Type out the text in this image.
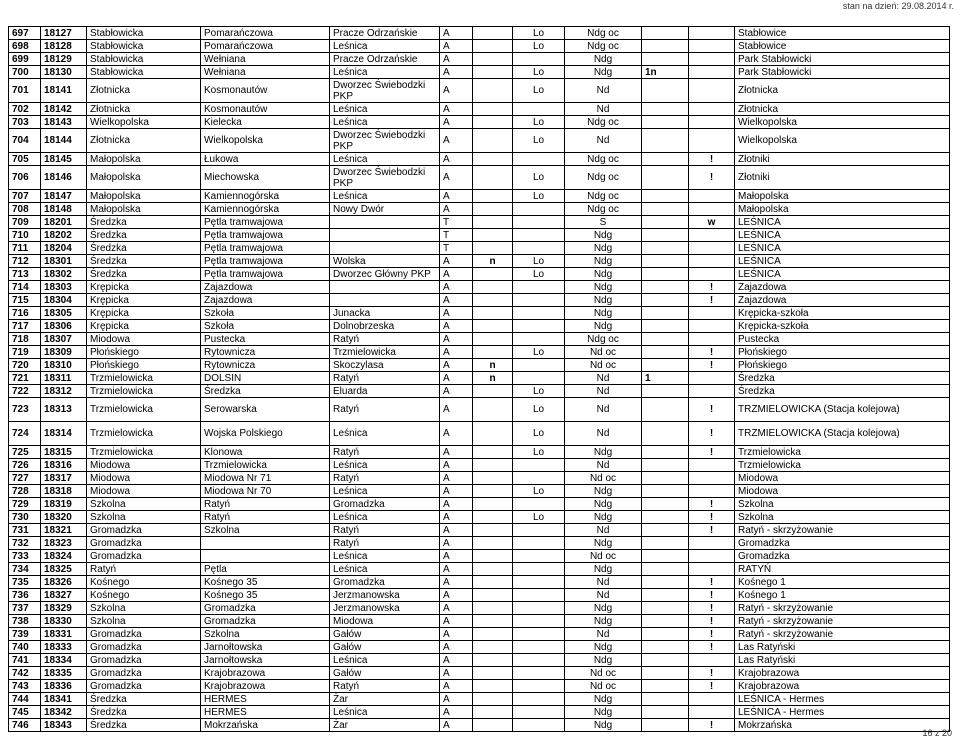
stan na dzień: 29.08.2014 r.
697	18127	Stabłowicka	Pomarańczowa	Pracze Odrzańskie	A		Lo	Ndg oc			Stabłowice
698	18128	Stabłowicka	Pomarańczowa	Leśnica	A		Lo	Ndg oc			Stabłowice
699	18129	Stabłowicka	Wełniana	Pracze Odrzańskie	A			Ndg			Park Stabłowicki
700	18130	Stabłowicka	Wełniana	Leśnica	A		Lo	Ndg	1n		Park Stabłowicki
701	18141	Złotnicka	Kosmonautów	Dworzec Świebodzki PKP	A		Lo	Nd			Złotnicka
702	18142	Złotnicka	Kosmonautów	Leśnica	A			Nd			Złotnicka
703	18143	Wielkopolska	Kielecka	Leśnica	A		Lo	Ndg oc			Wielkopolska
704	18144	Złotnicka	Wielkopolska	Dworzec Świebodzki PKP	A		Lo	Nd			Wielkopolska
705	18145	Małopolska	Łukowa	Leśnica	A			Ndg oc		!	Złotniki
706	18146	Małopolska	Miechowska	Dworzec Świebodzki PKP	A		Lo	Ndg oc		!	Złotniki
707	18147	Małopolska	Kamiennogórska	Leśnica	A		Lo	Ndg oc			Małopolska
708	18148	Małopolska	Kamiennogórska	Nowy Dwór	A			Ndg oc			Małopolska
709	18201	Średzka	Pętla tramwajowa		T			S		w	LEŚNICA
710	18202	Średzka	Pętla tramwajowa		T			Ndg			LEŚNICA
711	18204	Średzka	Pętla tramwajowa		T			Ndg			LEŚNICA
712	18301	Średzka	Pętla tramwajowa	Wolska	A	n	Lo	Ndg			LEŚNICA
713	18302	Średzka	Pętla tramwajowa	Dworzec Główny PKP	A		Lo	Ndg			LEŚNICA
714	18303	Krępicka	Zajazdowa		A			Ndg		!	Zajazdowa
715	18304	Krępicka	Zajazdowa		A			Ndg		!	Zajazdowa
716	18305	Krępicka	Szkoła	Junacka	A			Ndg			Krępicka-szkoła
717	18306	Krępicka	Szkoła	Dolnobrzeska	A			Ndg			Krępicka-szkoła
718	18307	Miodowa	Pustecka	Ratyń	A			Ndg oc			Pustecka
719	18309	Płońskiego	Rytownicza	Trzmielowicka	A		Lo	Nd oc		!	Płońskiego
720	18310	Płońskiego	Rytownicza	Skoczylasa	A	n		Nd oc		!	Płońskiego
721	18311	Trzmielowicka	DOLSIN	Ratyń	A	n		Nd	1		Średzka
722	18312	Trzmielowicka	Średzka	Eluarda	A		Lo	Nd			Średzka
723	18313	Trzmielowicka	Serowarska	Ratyń	A		Lo	Nd		!	TRZMIELOWICKA (Stacja kolejowa)
724	18314	Trzmielowicka	Wojska Polskiego	Leśnica	A		Lo	Nd		!	TRZMIELOWICKA (Stacja kolejowa)
725	18315	Trzmielowicka	Klonowa	Ratyń	A		Lo	Ndg		!	Trzmielowicka
726	18316	Miodowa	Trzmielowicka	Leśnica	A			Nd			Trzmielowicka
727	18317	Miodowa	Miodowa Nr 71	Ratyń	A			Nd oc			Miodowa
728	18318	Miodowa	Miodowa Nr 70	Leśnica	A		Lo	Ndg			Miodowa
729	18319	Szkolna	Ratyń	Gromadzka	A			Ndg		!	Szkolna
730	18320	Szkolna	Ratyń	Leśnica	A		Lo	Ndg		!	Szkolna
731	18321	Gromadzka	Szkolna	Ratyń	A			Nd		!	Ratyń - skrzyżowanie
732	18323	Gromadzka		Ratyń	A			Ndg			Gromadzka
733	18324	Gromadzka		Leśnica	A			Nd oc			Gromadzka
734	18325	Ratyń	Pętla	Leśnica	A			Ndg			RATYŃ
735	18326	Kośnego	Kośnego 35	Gromadzka	A			Nd		!	Kośnego 1
736	18327	Kośnego	Kośnego 35	Jerzmanowska	A			Nd		!	Kośnego 1
737	18329	Szkolna	Gromadzka	Jerzmanowska	A			Ndg		!	Ratyń - skrzyżowanie
738	18330	Szkolna	Gromadzka	Miodowa	A			Ndg		!	Ratyń - skrzyżowanie
739	18331	Gromadzka	Szkolna	Gałów	A			Nd		!	Ratyń - skrzyżowanie
740	18333	Gromadzka	Jarnołtowska	Gałów	A			Ndg		!	Las Ratyński
741	18334	Gromadzka	Jarnołtowska	Leśnica	A			Ndg			Las Ratyński
742	18335	Gromadzka	Krajobrazowa	Gałów	A			Nd oc		!	Krajobrazowa
743	18336	Gromadzka	Krajobrazowa	Ratyń	A			Nd oc		!	Krajobrazowa
744	18341	Średzka	HERMES	Żar	A			Ndg			LEŚNICA - Hermes
745	18342	Średzka	HERMES	Leśnica	A			Ndg			LEŚNICA - Hermes
746	18343	Średzka	Mokrzańska	Żar	A			Ndg		!	Mokrzańska
16 z 20
